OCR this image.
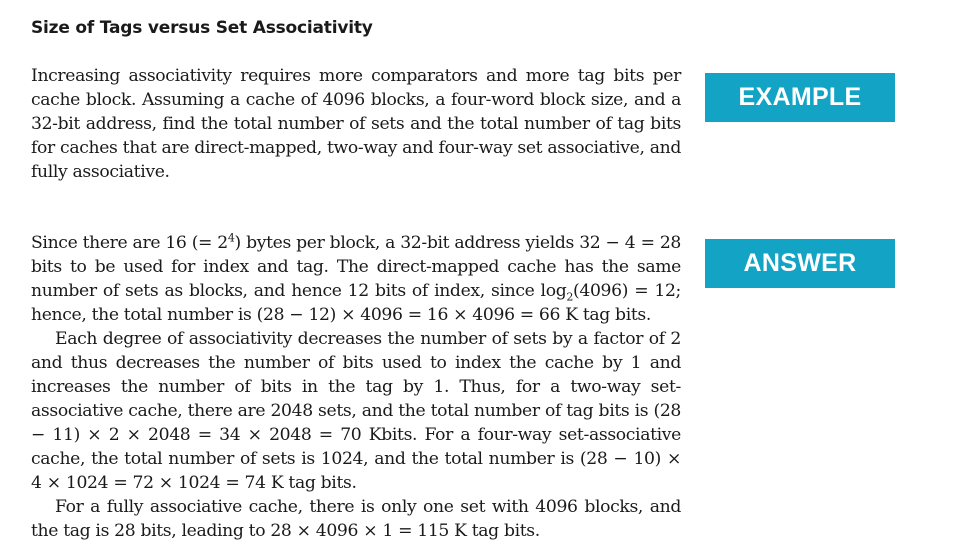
Size of Tags versus Set Associativity

Increasing associativity requires more comparators and more tag bits per cache block. Assuming a cache of 4096 blocks, a four-word block size, and a 32-bit address, find the total number of sets and the total number of tag bits for caches that are direct-mapped, two-way and four-way set associative, and fully associative.

EXAMPLE

Since there are 16 (= $2^4$) bytes per block, a 32-bit address yields 32 − 4 = 28 bits to be used for index and tag. The direct-mapped cache has the same number of sets as blocks, and hence 12 bits of index, since $\log_2(4096) = 12$; hence, the total number is (28 − 12) × 4096 = 16 × 4096 = 66 K tag bits.

Each degree of associativity decreases the number of sets by a factor of 2 and thus decreases the number of bits used to index the cache by 1 and increases the number of bits in the tag by 1. Thus, for a two-way set-associative cache, there are 2048 sets, and the total number of tag bits is (28 − 11) × 2 × 2048 = 34 × 2048 = 70 Kbits. For a four-way set-associative cache, the total number of sets is 1024, and the total number is (28 − 10) × 4 × 1024 = 72 × 1024 = 74 K tag bits.

For a fully associative cache, there is only one set with 4096 blocks, and the tag is 28 bits, leading to 28 × 4096 × 1 = 115 K tag bits.

ANSWER
